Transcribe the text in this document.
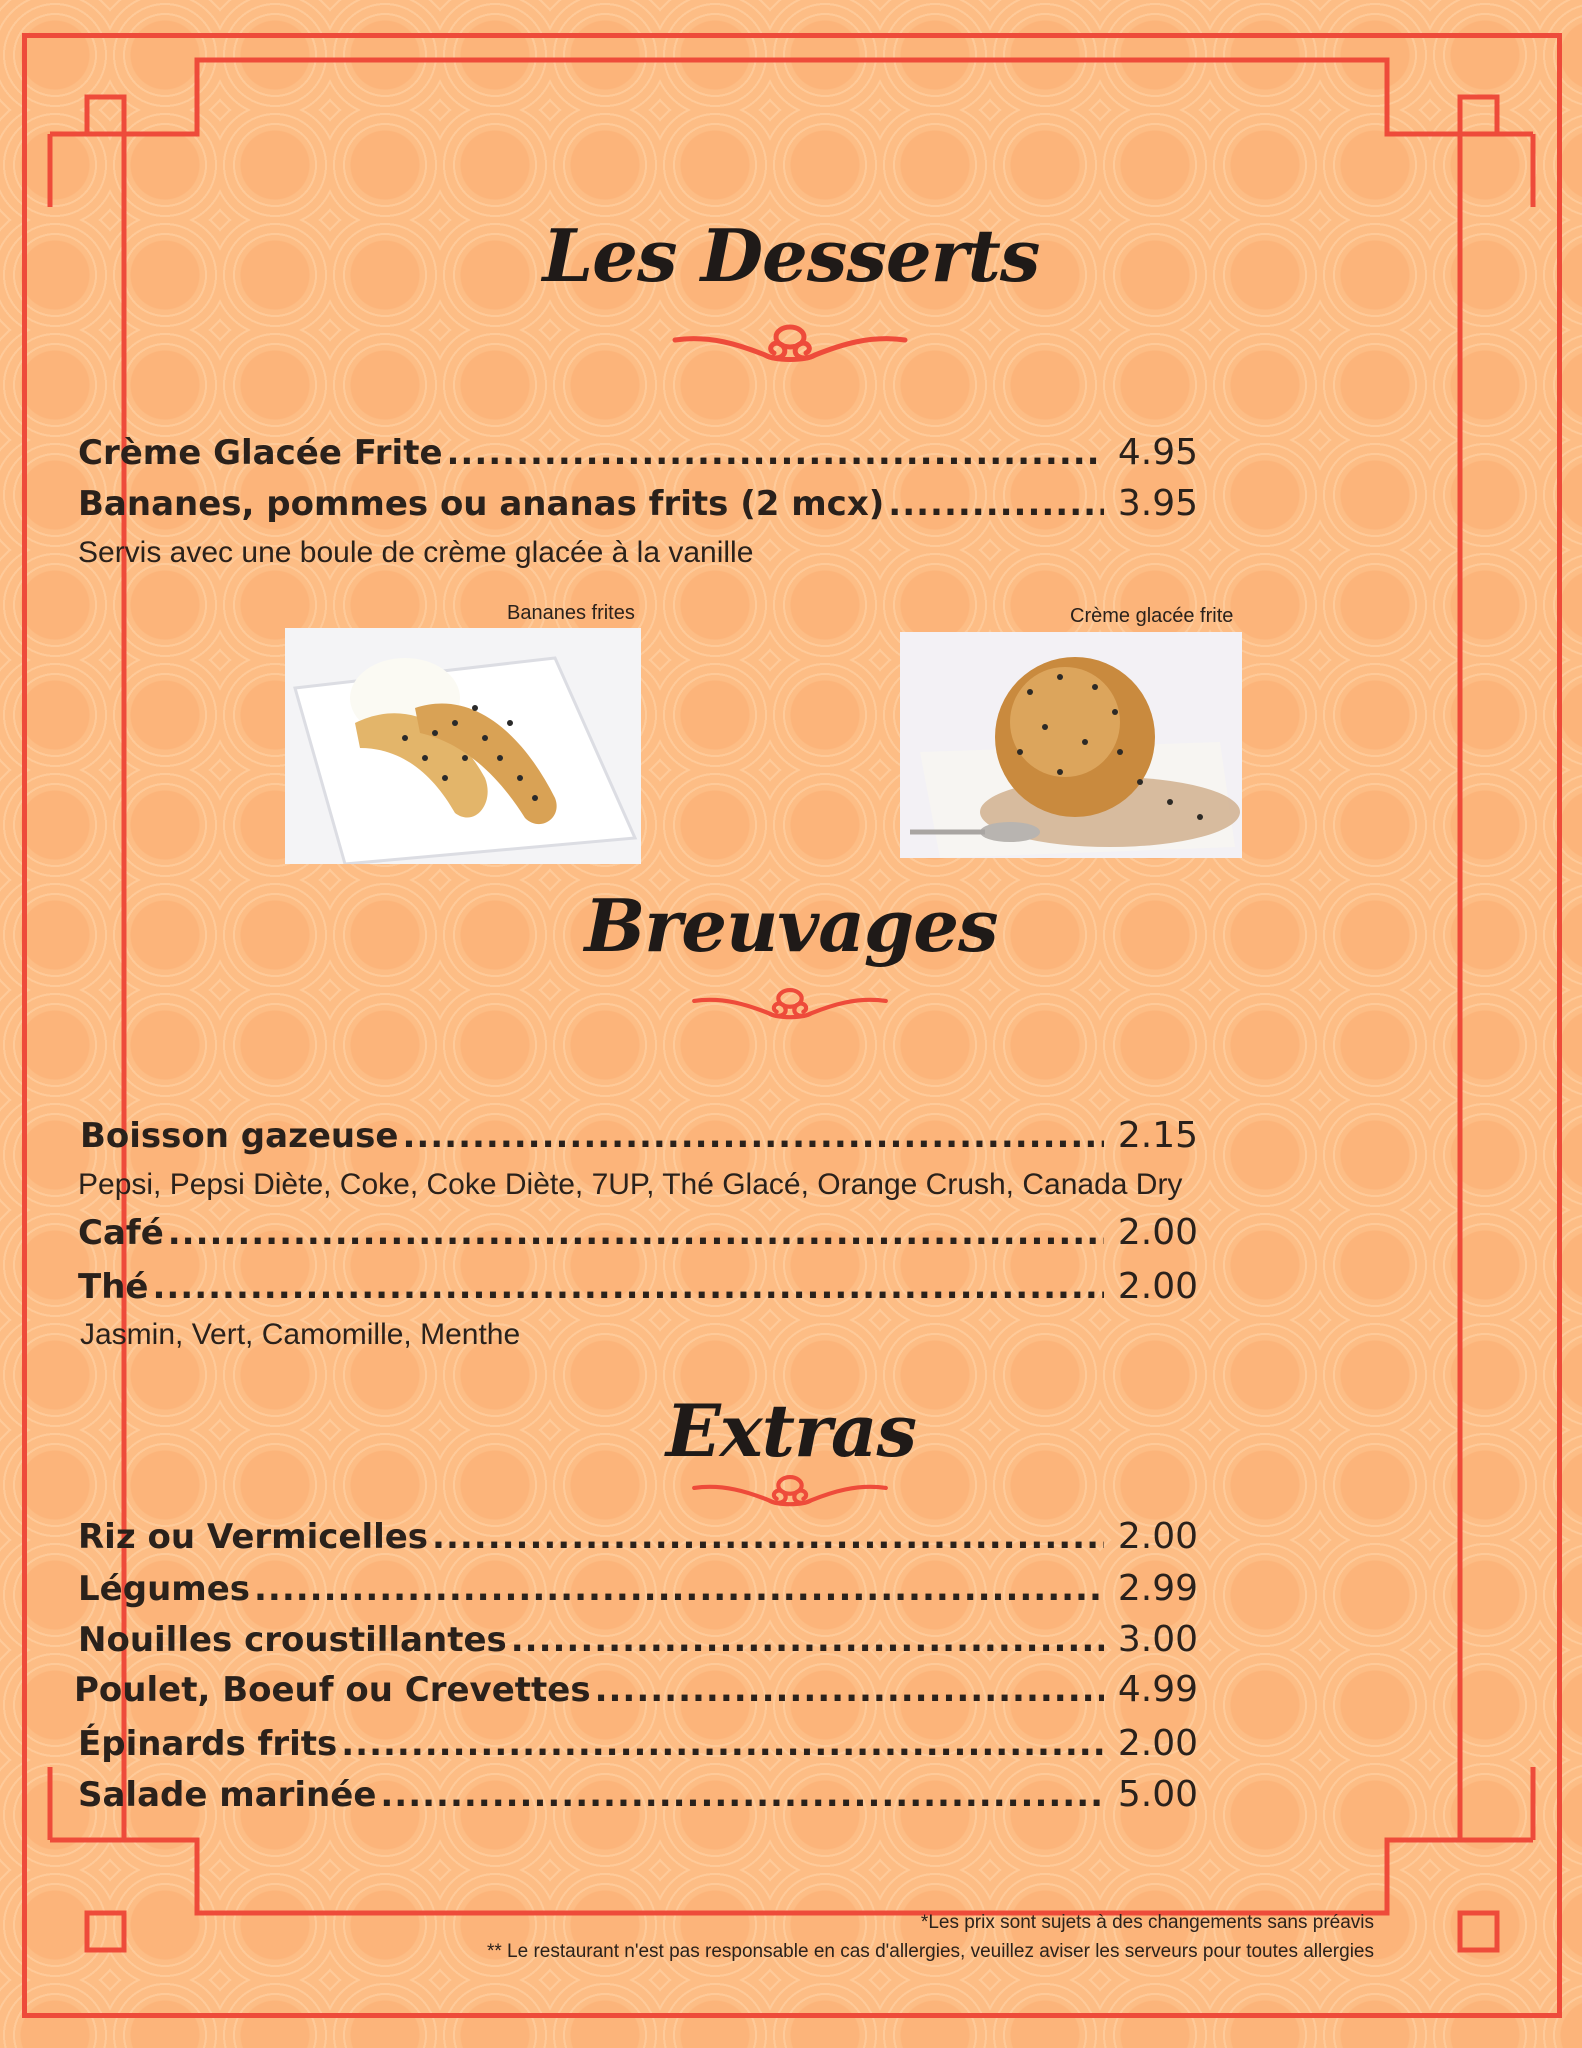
Les Desserts
Crème Glacée Frite .....	4.95
Bananes, pommes ou ananas frits (2 mcx) .....	3.95

Servis avec une boule de crème glacée à la vanille

Bananes frites	Crème glacée frite
Breuvages
Boisson gazeuse .....	2.15

Pepsi, Pepsi Diète, Coke, Coke Diète, 7UP, Thé Glacé, Orange Crush, Canada Dry

Café .....	2.00
Thé .....	2.00

Jasmin, Vert, Camomille, Menthe

Extras
Riz ou Vermicelles .....	2.00
Légumes .....	2.99
Nouilles croustillantes .....	3.00
Poulet, Boeuf ou Crevettes .....	4.99
Épinards frits .....	2.00
Salade marinée .....	5.00
*Les prix sont sujets à des changements sans préavis
** Le restaurant n'est pas responsable en cas d'allergies, veuillez aviser les serveurs pour toutes allergies
